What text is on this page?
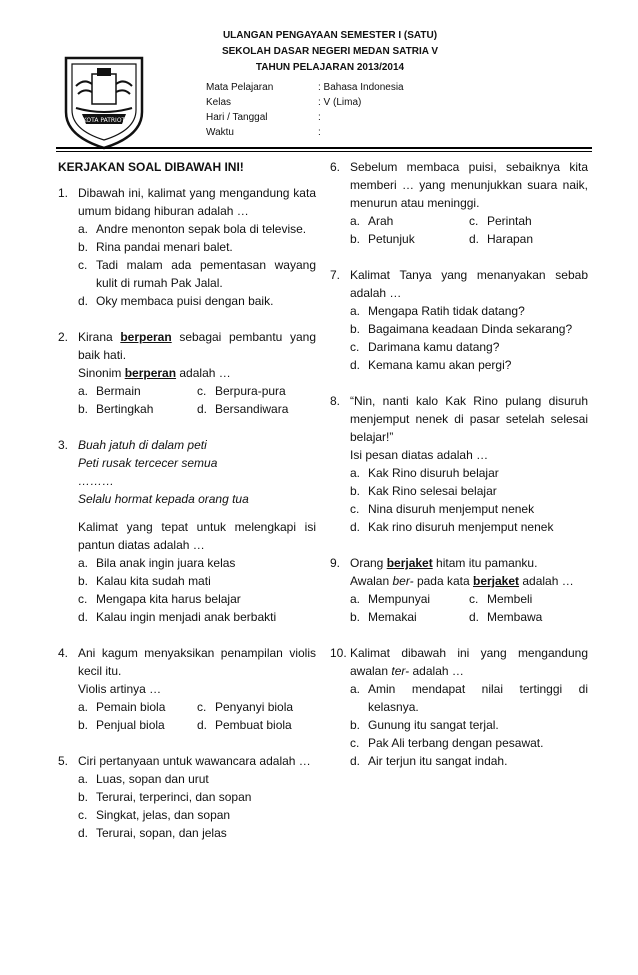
KOTA PATRIOT
ULANGAN PENGAYAAN SEMESTER I (SATU)
SEKOLAH DASAR NEGERI MEDAN SATRIA V
TAHUN PELAJARAN 2013/2014
Mata Pelajaran	: Bahasa Indonesia
Kelas	: V (Lima)
Hari / Tanggal	:
Waktu	:
KERJAKAN SOAL DIBAWAH INI!
1. Dibawah ini, kalimat yang mengandung kata umum bidang hiburan adalah …
a. Andre menonton sepak bola di televise.
b. Rina pandai menari balet.
c. Tadi malam ada pementasan wayang kulit di rumah Pak Jalal.
d. Oky membaca puisi dengan baik.
2. Kirana berperan sebagai pembantu yang baik hati.
Sinonim berperan adalah …
a. Bermain	c. Berpura-pura
b. Bertingkah	d. Bersandiwara
3. Buah jatuh di dalam peti
Peti rusak tercecer semua
………
Selalu hormat kepada orang tua
Kalimat yang tepat untuk melengkapi isi pantun diatas adalah …
a. Bila anak ingin juara kelas
b. Kalau kita sudah mati
c. Mengapa kita harus belajar
d. Kalau ingin menjadi anak berbakti
4. Ani kagum menyaksikan penampilan violis kecil itu.
Violis artinya …
a. Pemain biola	c. Penyanyi biola
b. Penjual biola	d. Pembuat biola
5. Ciri pertanyaan untuk wawancara adalah …
a. Luas, sopan dan urut
b. Terurai, terperinci, dan sopan
c. Singkat, jelas, dan sopan
d. Terurai, sopan, dan jelas
6. Sebelum membaca puisi, sebaiknya kita memberi … yang menunjukkan suara naik, menurun atau meninggi.
a. Arah	c. Perintah
b. Petunjuk	d. Harapan
7. Kalimat Tanya yang menanyakan sebab adalah …
a. Mengapa Ratih tidak datang?
b. Bagaimana keadaan Dinda sekarang?
c. Darimana kamu datang?
d. Kemana kamu akan pergi?
8. “Nin, nanti kalo Kak Rino pulang disuruh menjemput nenek di pasar setelah selesai belajar!”
Isi pesan diatas adalah …
a. Kak Rino disuruh belajar
b. Kak Rino selesai belajar
c. Nina disuruh menjemput nenek
d. Kak rino disuruh menjemput nenek
9. Orang berjaket hitam itu pamanku.
Awalan ber- pada kata berjaket adalah …
a. Mempunyai	c. Membeli
b. Memakai	d. Membawa
10. Kalimat dibawah ini yang mengandung awalan ter- adalah …
a. Amin mendapat nilai tertinggi di kelasnya.
b. Gunung itu sangat terjal.
c. Pak Ali terbang dengan pesawat.
d. Air terjun itu sangat indah.
